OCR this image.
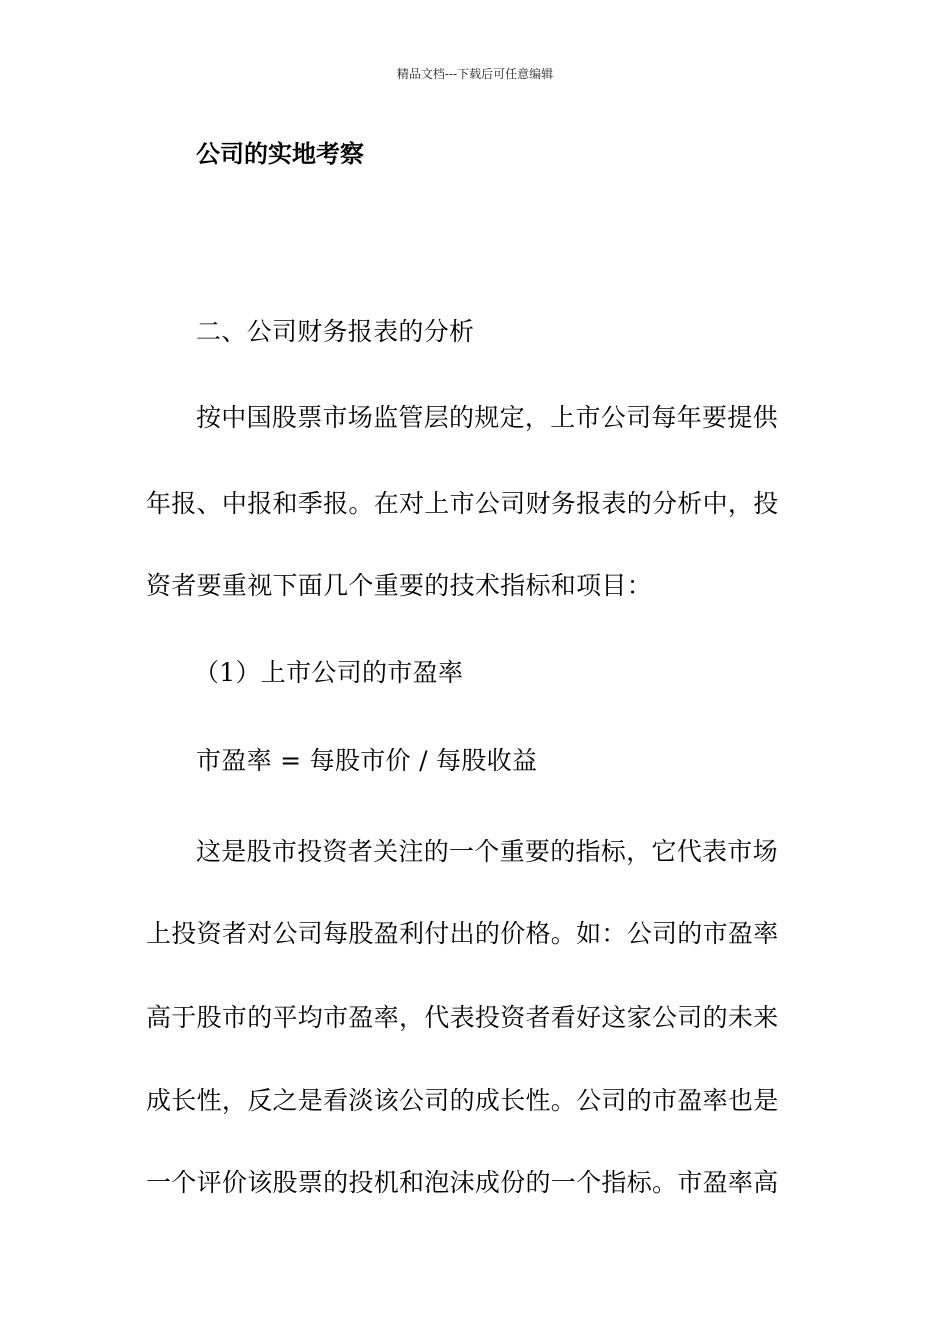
精品文档---下载后可任意编辑
公司的实地考察
二、公司财务报表的分析
按中国股票市场监管层的规定，上市公司每年要提供
年报、中报和季报。在对上市公司财务报表的分析中，投
资者要重视下面几个重要的技术指标和项目：
（1）上市公司的市盈率
市盈率 = 每股市价 / 每股收益
这是股市投资者关注的一个重要的指标，它代表市场
上投资者对公司每股盈利付出的价格。如：公司的市盈率
高于股市的平均市盈率，代表投资者看好这家公司的未来
成长性，反之是看淡该公司的成长性。公司的市盈率也是
一个评价该股票的投机和泡沫成份的一个指标。市盈率高
